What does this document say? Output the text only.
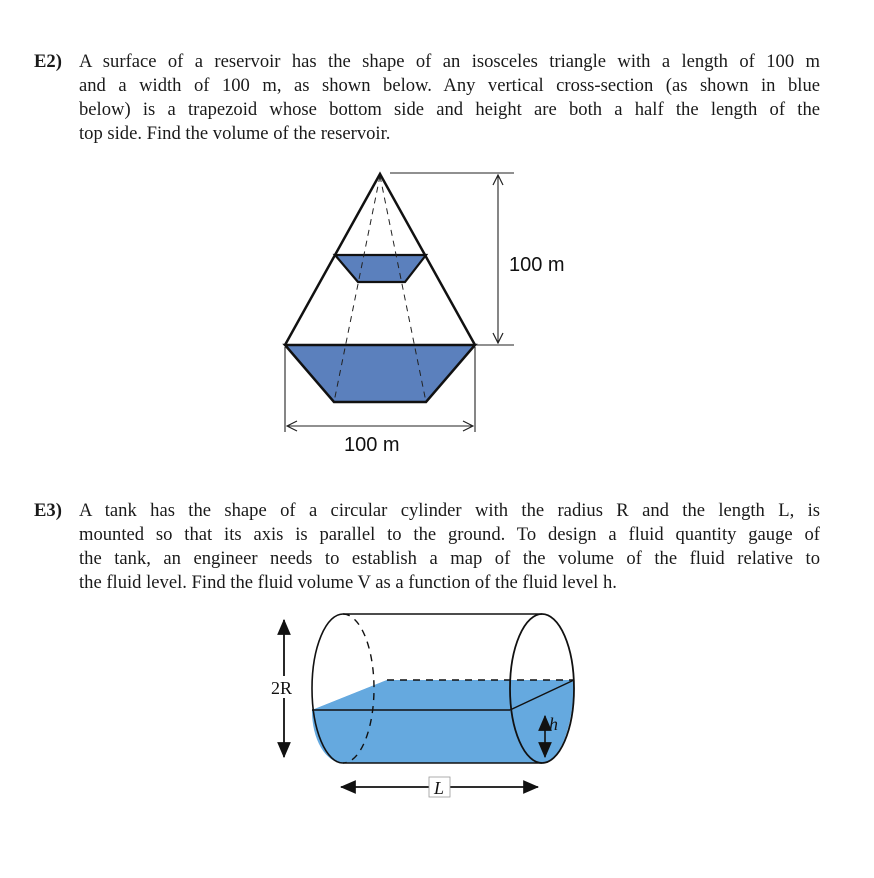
E2) A surface of a reservoir has the shape of an isosceles triangle with a length of 100 m
and a width of 100 m, as shown below. Any vertical cross-section (as shown in blue
below) is a trapezoid whose bottom side and height are both a half the length of the
top side. Find the volume of the reservoir.
100 m
100 m
h
2R
L
E3) A tank has the shape of a circular cylinder with the radius R and the length L, is
mounted so that its axis is parallel to the ground. To design a fluid quantity gauge of
the tank, an engineer needs to establish a map of the volume of the fluid relative to
the fluid level. Find the fluid volume V as a function of the fluid level h.
